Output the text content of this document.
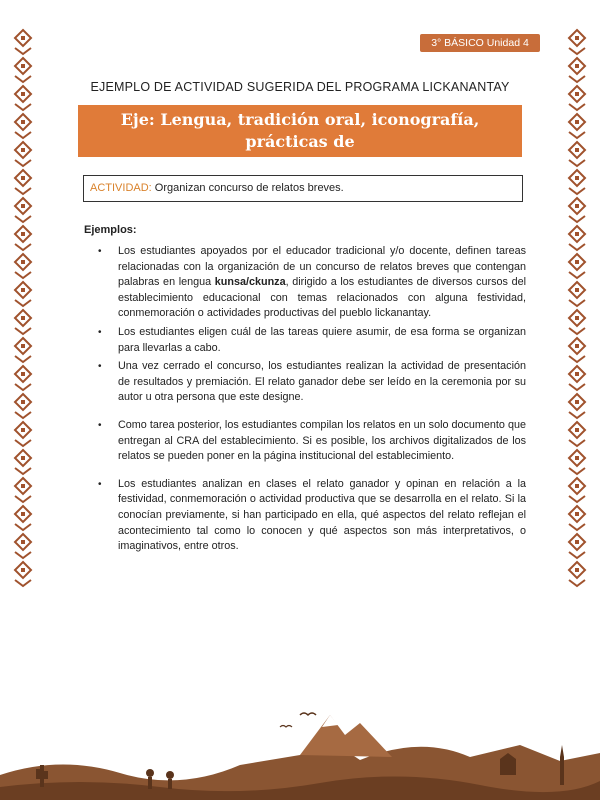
3° BÁSICO Unidad 4
EJEMPLO DE ACTIVIDAD SUGERIDA DEL PROGRAMA LICKANANTAY
Eje: Lengua, tradición oral, iconografía, prácticas de
lectura y escritura de los pueblos originarios.
ACTIVIDAD: Organizan concurso de relatos breves.
Ejemplos:
• Los estudiantes apoyados por el educador tradicional y/o docente, definen tareas relacionadas con la organización de un concurso de relatos breves que contengan palabras en lengua kunsa/ckunza, dirigido a los estudiantes de diversos cursos del establecimiento educacional con temas relacionados con alguna festividad, conmemoración o actividades productivas del pueblo lickanantay.
• Los estudiantes eligen cuál de las tareas quiere asumir, de esa forma se organizan para llevarlas a cabo.
• Una vez cerrado el concurso, los estudiantes realizan la actividad de presentación de resultados y premiación. El relato ganador debe ser leído en la ceremonia por su autor u otra persona que este designe.
• Como tarea posterior, los estudiantes compilan los relatos en un solo documento que entregan al CRA del establecimiento. Si es posible, los archivos digitalizados de los relatos se pueden poner en la página institucional del establecimiento.
• Los estudiantes analizan en clases el relato ganador y opinan en relación a la festividad, conmemoración o actividad productiva que se desarrolla en el relato. Si la conocían previamente, si han participado en ella, qué aspectos del relato reflejan el acontecimiento tal como lo conocen y qué aspectos son más interpretativos, o imaginativos, entre otros.
